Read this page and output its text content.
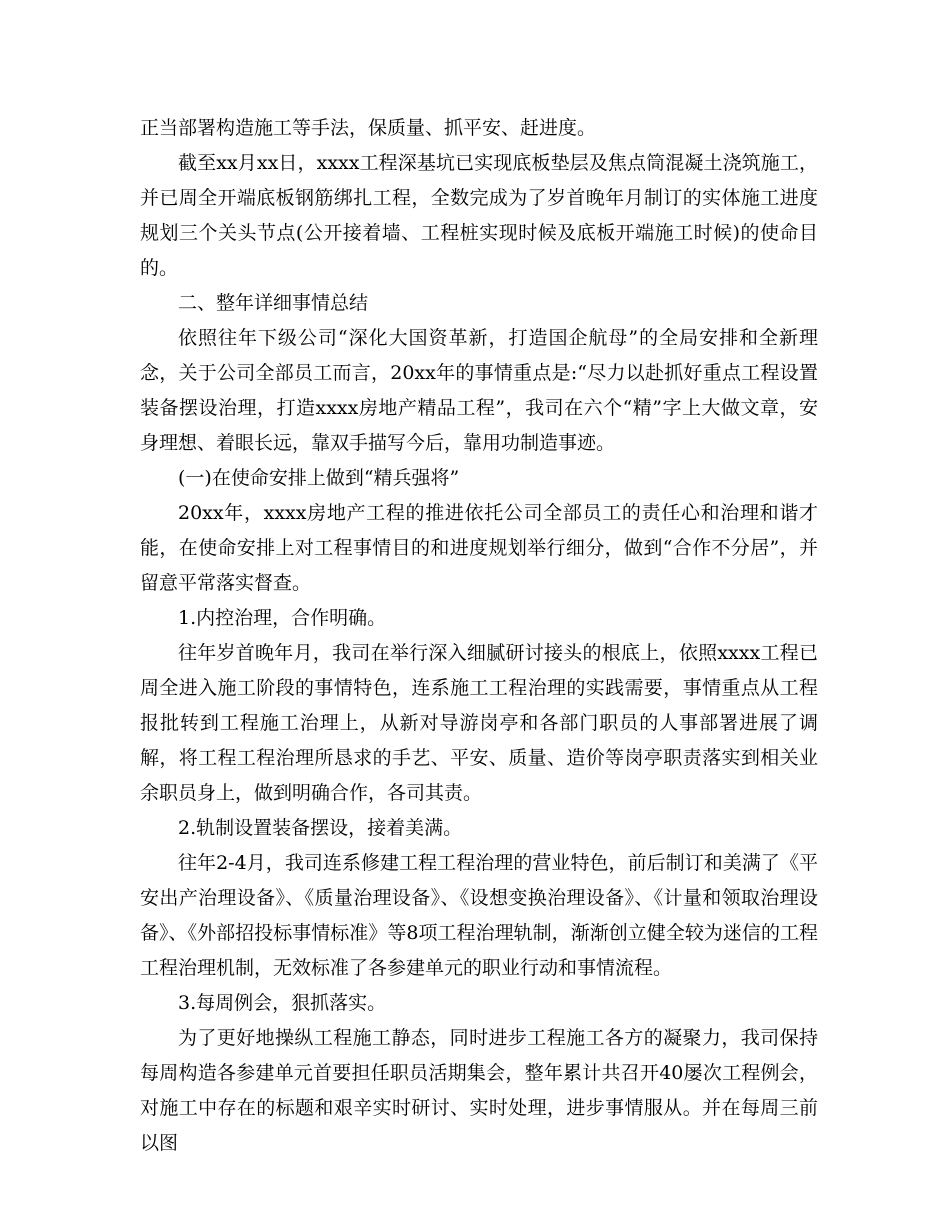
正当部署构造施工等手法，保质量、抓平安、赶进度。

截至xx月xx日，xxxx工程深基坑已实现底板垫层及焦点筒混凝土浇筑施工，并已周全开端底板钢筋绑扎工程，全数完成为了岁首晚年月制订的实体施工进度规划三个关头节点(公开接着墙、工程桩实现时候及底板开端施工时候)的使命目的。

二、整年详细事情总结

依照往年下级公司“深化大国资革新，打造国企航母”的全局安排和全新理念，关于公司全部员工而言，20xx年的事情重点是:“尽力以赴抓好重点工程设置装备摆设治理，打造xxxx房地产精品工程”，我司在六个“精”字上大做文章，安身理想、着眼长远，靠双手描写今后，靠用功制造事迹。

(一)在使命安排上做到“精兵强将”

20xx年，xxxx房地产工程的推进依托公司全部员工的责任心和治理和谐才能，在使命安排上对工程事情目的和进度规划举行细分，做到“合作不分居”，并留意平常落实督查。

1.内控治理，合作明确。

往年岁首晚年月，我司在举行深入细腻研讨接头的根底上，依照xxxx工程已周全进入施工阶段的事情特色，连系施工工程治理的实践需要，事情重点从工程报批转到工程施工治理上，从新对导游岗亭和各部门职员的人事部署进展了调解，将工程工程治理所恳求的手艺、平安、质量、造价等岗亭职责落实到相关业余职员身上，做到明确合作，各司其责。

2.轨制设置装备摆设，接着美满。

往年2-4月，我司连系修建工程工程治理的营业特色，前后制订和美满了《平安出产治理设备》、《质量治理设备》、《设想变换治理设备》、《计量和领取治理设备》、《外部招投标事情标准》等8项工程治理轨制，渐渐创立健全较为迷信的工程工程治理机制，无效标准了各参建单元的职业行动和事情流程。

3.每周例会，狠抓落实。

为了更好地操纵工程施工静态，同时进步工程施工各方的凝聚力，我司保持每周构造各参建单元首要担任职员活期集会，整年累计共召开40屡次工程例会，对施工中存在的标题和艰辛实时研讨、实时处理，进步事情服从。并在每周三前以图
